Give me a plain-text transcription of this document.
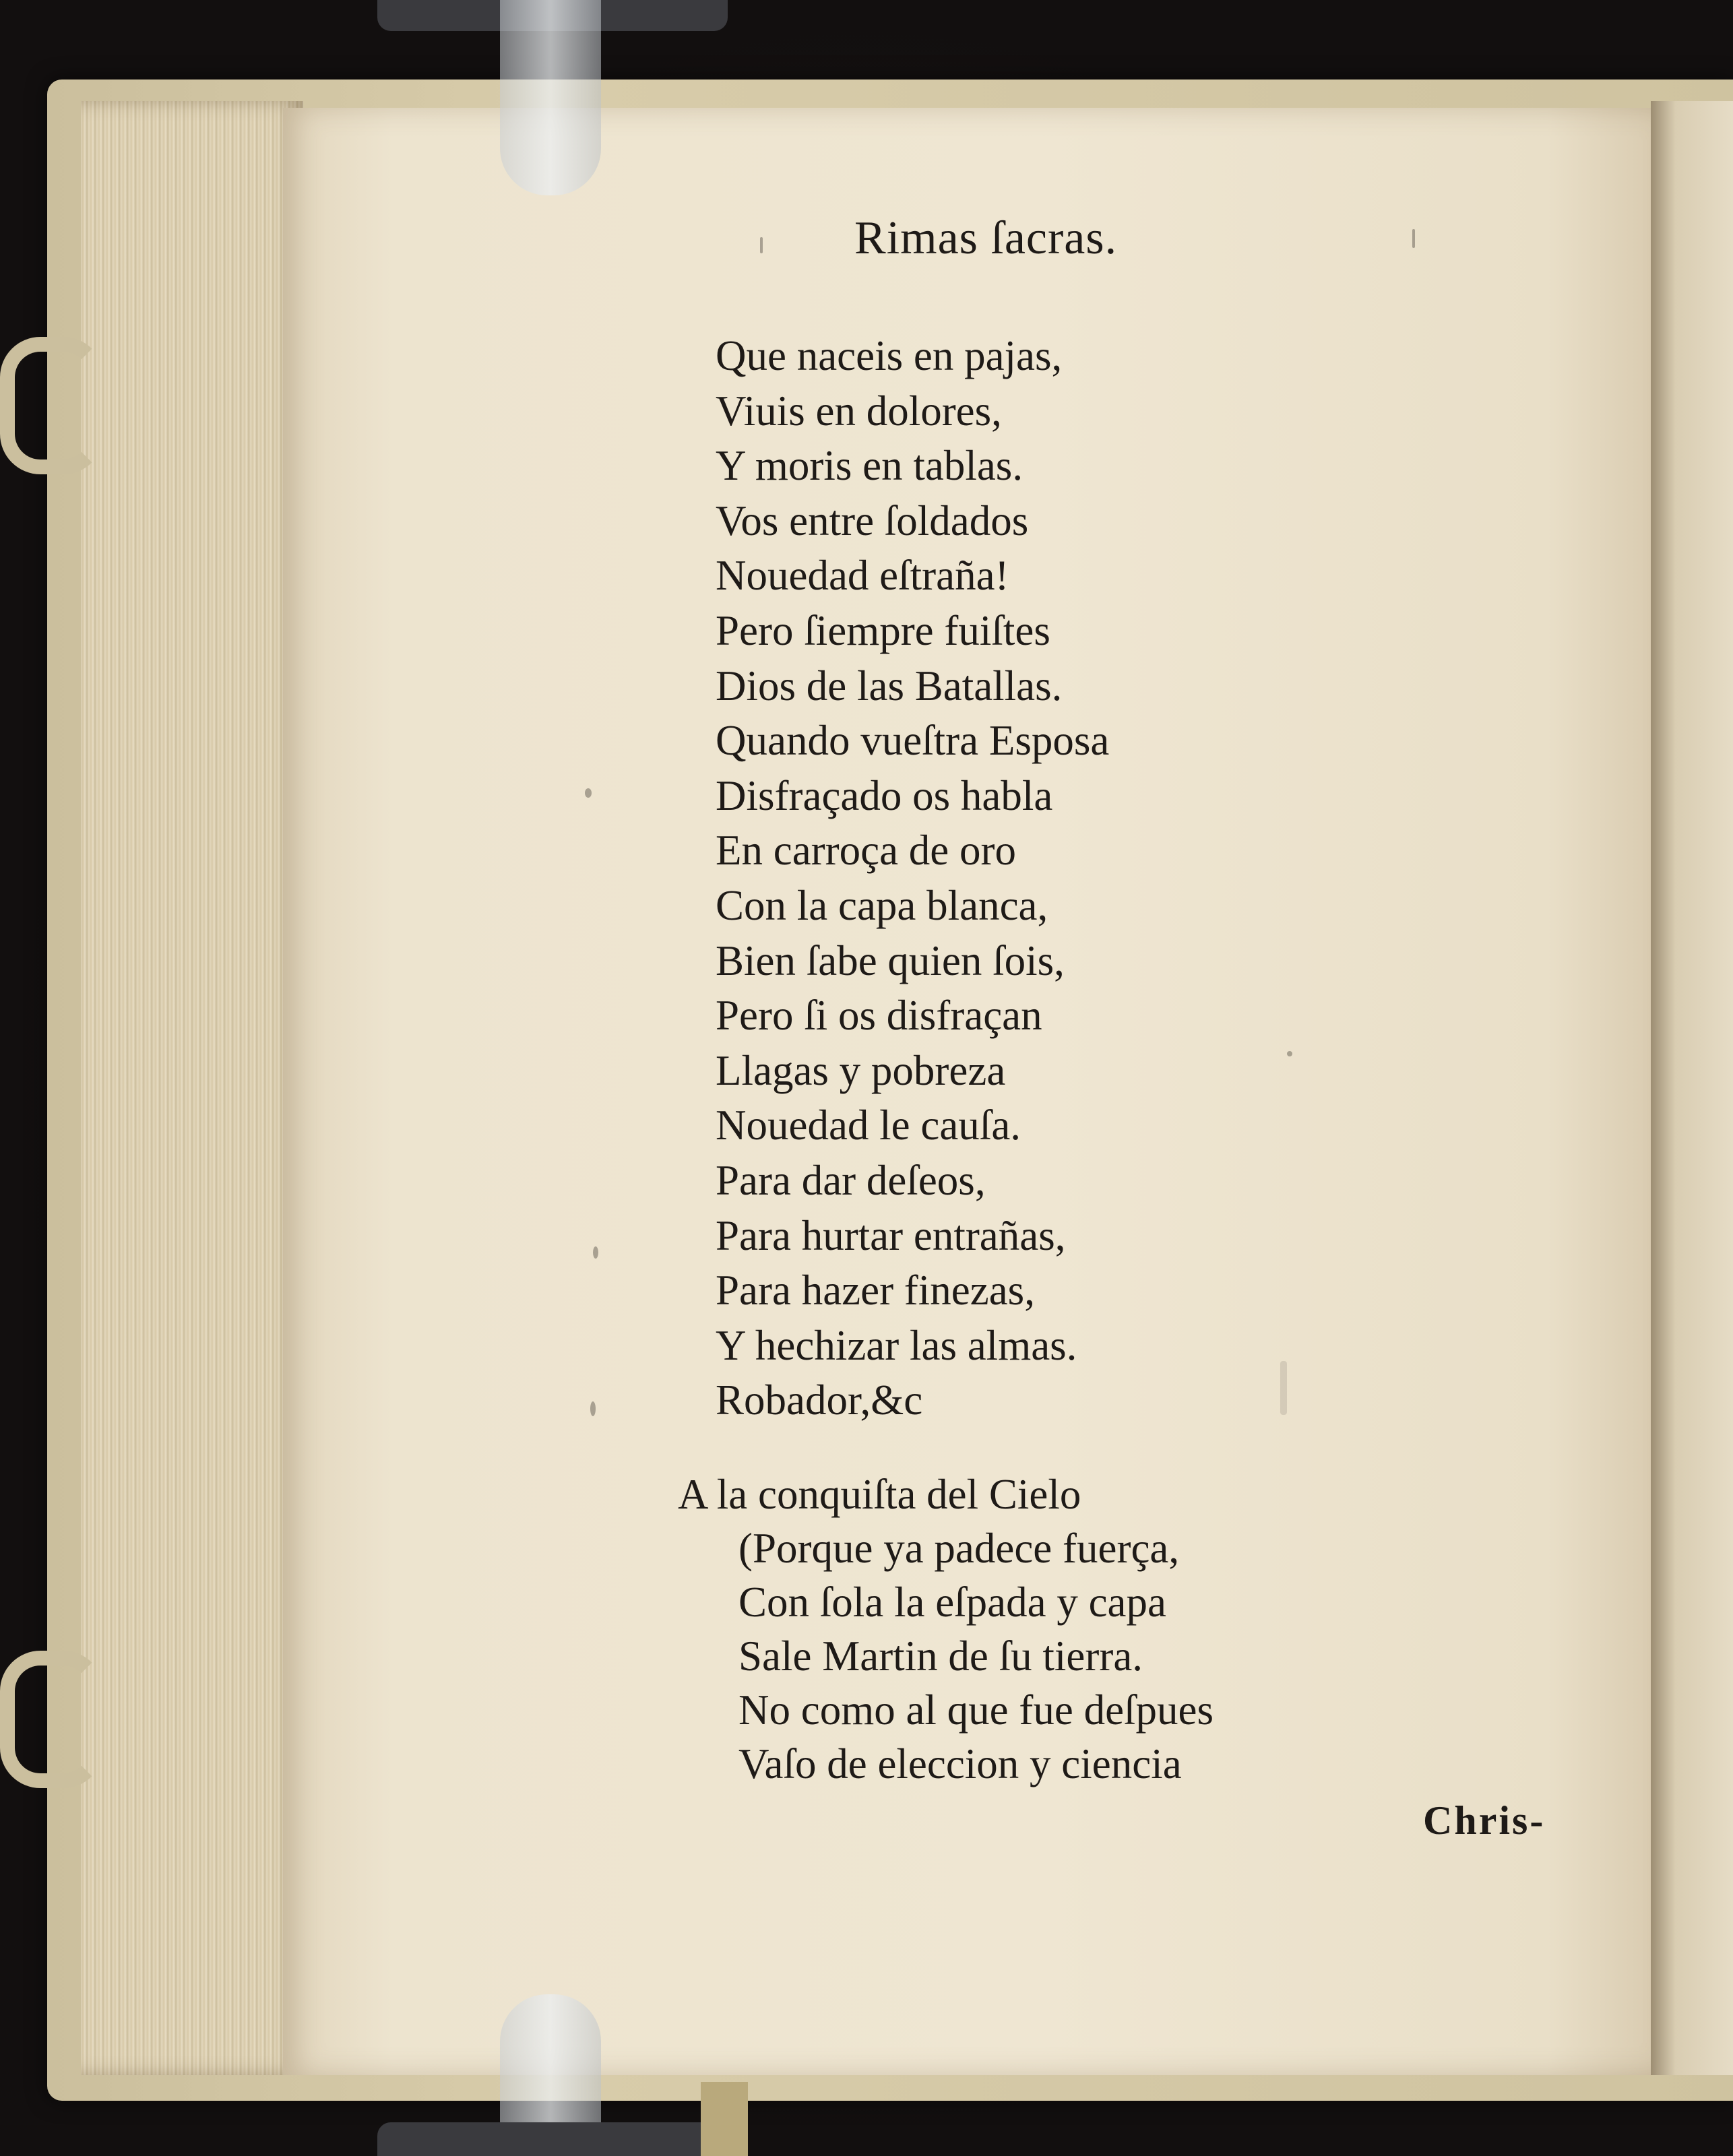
Rimas ſacras.
Que naceis en pajas,
Viuis en dolores,
Y moris en tablas.
Vos entre ſoldados
Nouedad eſtraña!
Pero ſiempre fuiſtes
Dios de las Batallas.
Quando vueſtra Esposa
Disfraçado os habla
En carroça de oro
Con la capa blanca,
Bien ſabe quien ſois,
Pero ſi os disfraçan
Llagas y pobreza
Nouedad le cauſa.
Para dar deſeos,
Para hurtar entrañas,
Para hazer finezas,
Y hechizar las almas.
Robador,&c
A la conquiſta del Cielo
(Porque ya padece fuerça,
Con ſola la eſpada y capa
Sale Martin de ſu tierra.
No como al que fue deſpues
Vaſo de eleccion y ciencia
Chris-
